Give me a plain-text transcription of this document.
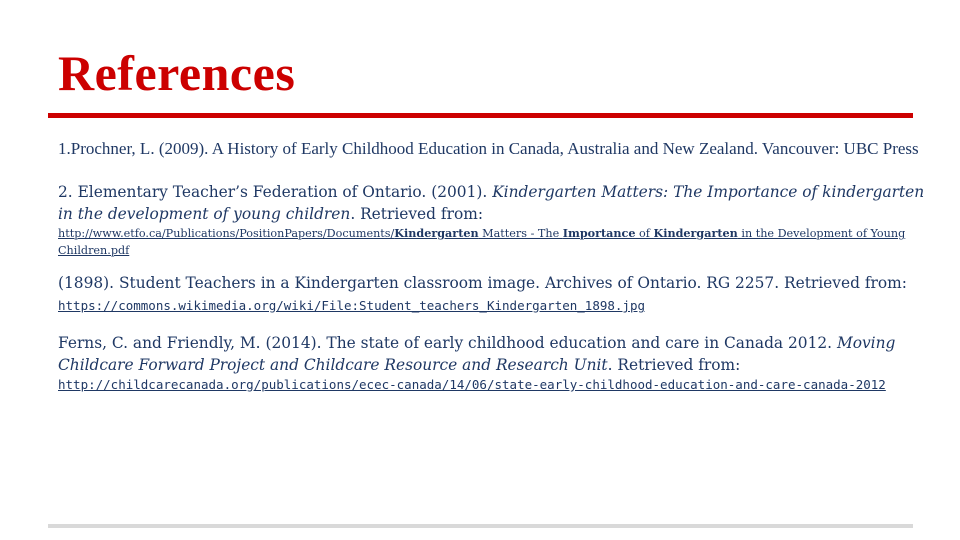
References

1.Prochner, L. (2009). A History of Early Childhood Education in Canada, Australia and New Zealand. Vancouver: UBC Press

2. Elementary Teacher’s Federation of Ontario. (2001). Kindergarten Matters: The Importance of kindergarten in the development of young children. Retrieved from:
http://www.etfo.ca/Publications/PositionPapers/Documents/Kindergarten Matters - The Importance of Kindergarten in the Development of Young Children.pdf

(1898). Student Teachers in a Kindergarten classroom image. Archives of Ontario. RG 2257. Retrieved from: https://commons.wikimedia.org/wiki/File:Student_teachers_Kindergarten_1898.jpg

Ferns, C. and Friendly, M. (2014). The state of early childhood education and care in Canada 2012. Moving Childcare Forward Project and Childcare Resource and Research Unit. Retrieved from:
http://childcarecanada.org/publications/ecec-canada/14/06/state-early-childhood-education-and-care-canada-2012
